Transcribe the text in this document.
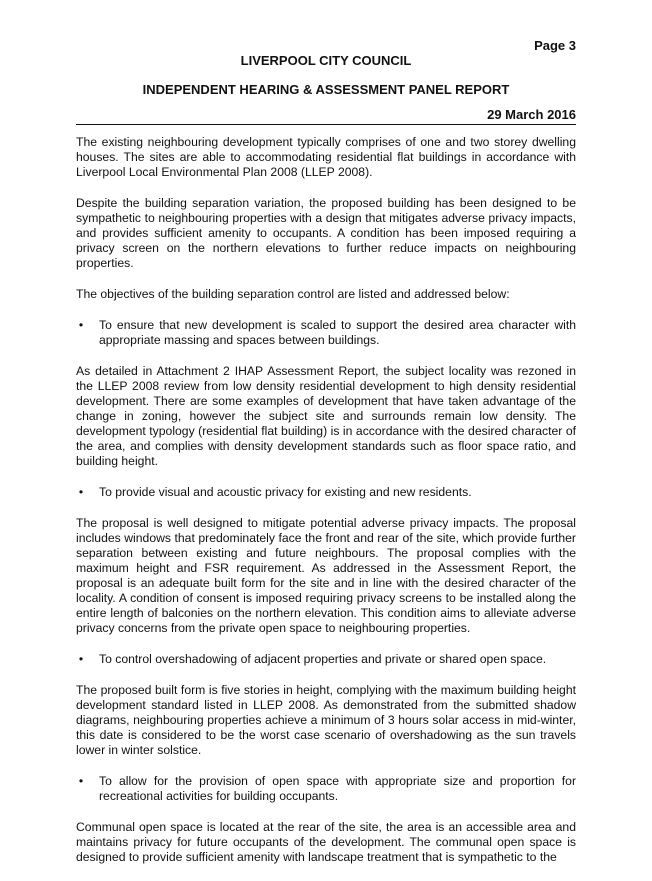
Page 3
LIVERPOOL CITY COUNCIL
INDEPENDENT HEARING & ASSESSMENT PANEL REPORT
29 March 2016

The existing neighbouring development typically comprises of one and two storey dwelling houses. The sites are able to accommodating residential flat buildings in accordance with Liverpool Local Environmental Plan 2008 (LLEP 2008).

Despite the building separation variation, the proposed building has been designed to be sympathetic to neighbouring properties with a design that mitigates adverse privacy impacts, and provides sufficient amenity to occupants. A condition has been imposed requiring a privacy screen on the northern elevations to further reduce impacts on neighbouring properties.

The objectives of the building separation control are listed and addressed below:

• To ensure that new development is scaled to support the desired area character with appropriate massing and spaces between buildings.

As detailed in Attachment 2 IHAP Assessment Report, the subject locality was rezoned in the LLEP 2008 review from low density residential development to high density residential development. There are some examples of development that have taken advantage of the change in zoning, however the subject site and surrounds remain low density. The development typology (residential flat building) is in accordance with the desired character of the area, and complies with density development standards such as floor space ratio, and building height.

• To provide visual and acoustic privacy for existing and new residents.

The proposal is well designed to mitigate potential adverse privacy impacts. The proposal includes windows that predominately face the front and rear of the site, which provide further separation between existing and future neighbours. The proposal complies with the maximum height and FSR requirement. As addressed in the Assessment Report, the proposal is an adequate built form for the site and in line with the desired character of the locality. A condition of consent is imposed requiring privacy screens to be installed along the entire length of balconies on the northern elevation. This condition aims to alleviate adverse privacy concerns from the private open space to neighbouring properties.

• To control overshadowing of adjacent properties and private or shared open space.

The proposed built form is five stories in height, complying with the maximum building height development standard listed in LLEP 2008. As demonstrated from the submitted shadow diagrams, neighbouring properties achieve a minimum of 3 hours solar access in mid-winter, this date is considered to be the worst case scenario of overshadowing as the sun travels lower in winter solstice.

• To allow for the provision of open space with appropriate size and proportion for recreational activities for building occupants.

Communal open space is located at the rear of the site, the area is an accessible area and maintains privacy for future occupants of the development. The communal open space is designed to provide sufficient amenity with landscape treatment that is sympathetic to the
